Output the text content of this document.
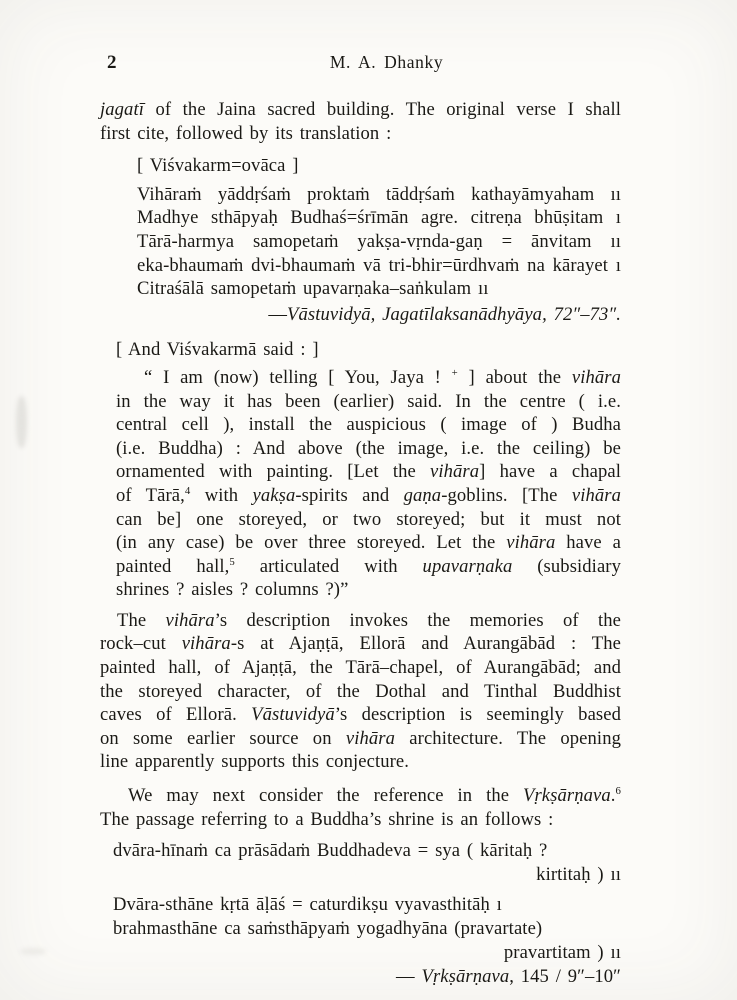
2	M. A. Dhanky
jagatī of the Jaina sacred building. The original verse I shall
first cite, followed by its translation :
[ Viśvakarm=ovāca ]
Vihāraṁ yāddṛśaṁ proktaṁ tāddṛśaṁ kathayāmyaham ıı
Madhye sthāpyaḥ Budhaś=śrīmān agre. citreṇa bhūṣitam ı
Tārā-harmya samopetaṁ yakṣa-vṛnda-gaṇ = ānvitam ıı
eka-bhaumaṁ dvi-bhaumaṁ vā tri-bhir=ūrdhvaṁ na kārayet ı
Citraśālā samopetaṁ upavarṇaka–saṅkulam ıı
—Vāstuvidyā, Jagatīlaksanādhyāya, 72″–73″.
[ And Viśvakarmā said : ]
“ I am (now) telling [ You, Jaya ! + ] about the vihāra
in the way it has been (earlier) said. In the centre ( i.e.
central cell ), install the auspicious ( image of ) Budha
(i.e. Buddha) : And above (the image, i.e. the ceiling) be
ornamented with painting. [Let the vihāra] have a chapal
of Tārā,$^4$ with yakṣa-spirits and gaṇa-goblins. [The vihāra
can be] one storeyed, or two storeyed; but it must not
(in any case) be over three storeyed. Let the vihāra have a
painted hall,$^5$ articulated with upavarṇaka (subsidiary
shrines ? aisles ? columns ?)”
The vihāra’s description invokes the memories of the
rock–cut vihāra-s at Ajaṇṭā, Ellorā and Aurangābād : The
painted hall, of Ajaṇṭā, the Tārā–chapel, of Aurangābād; and
the storeyed character, of the Dothal and Tinthal Buddhist
caves of Ellorā. Vāstuvidyā’s description is seemingly based
on some earlier source on vihāra architecture. The opening
line apparently supports this conjecture.
We may next consider the reference in the Vṛkṣārṇava.$^6$
The passage referring to a Buddha’s shrine is an follows :
dvāra-hīnaṁ ca prāsādaṁ Buddhadeva = sya ( kāritaḥ ?
kirtitaḥ ) ıı
Dvāra-sthāne kṛtā āḷāś = caturdikṣu vyavasthitāḥ ı
brahmasthāne ca saṁsthāpyaṁ yogadhyāna (pravartate)
pravartitam ) ıı
— Vṛkṣārṇava, 145 / 9″–10″
